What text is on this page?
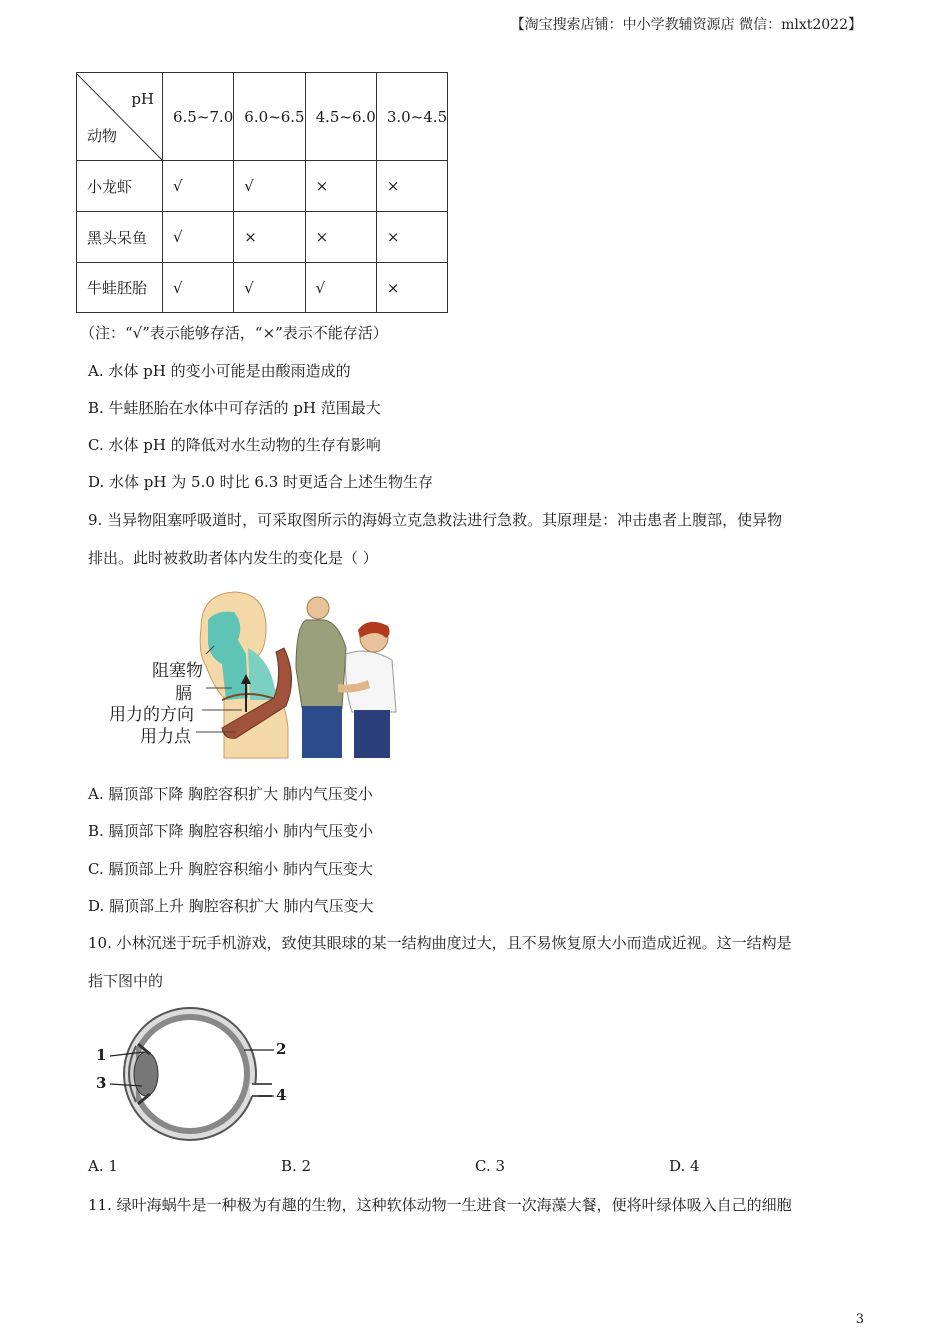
【淘宝搜索店铺：中小学教辅资源店 微信：mlxt2022】
pH
动物	6.5~7.0	6.0~6.5	4.5~6.0	3.0~4.5
小龙虾	√	√	×	×
黑头呆鱼	√	×	×	×
牛蛙胚胎	√	√	√	×
（注：“√”表示能够存活，“×”表示不能存活）
A. 水体 pH 的变小可能是由酸雨造成的
B. 牛蛙胚胎在水体中可存活的 pH 范围最大
C. 水体 pH 的降低对水生动物的生存有影响
D. 水体 pH 为 5.0 时比 6.3 时更适合上述生物生存
9. 当异物阻塞呼吸道时，可采取图所示的海姆立克急救法进行急救。其原理是：冲击患者上腹部，使异物
排出。此时被救助者体内发生的变化是（ ）
阻塞物
膈
用力的方向
用力点
A. 膈顶部下降 胸腔容积扩大 肺内气压变小
B. 膈顶部下降 胸腔容积缩小 肺内气压变小
C. 膈顶部上升 胸腔容积缩小 肺内气压变大
D. 膈顶部上升 胸腔容积扩大 肺内气压变大
10. 小林沉迷于玩手机游戏，致使其眼球的某一结构曲度过大，且不易恢复原大小而造成近视。这一结构是
指下图中的
1	2
3
4
A. 1	B. 2	C. 3	D. 4
11. 绿叶海蜗牛是一种极为有趣的生物，这种软体动物一生进食一次海藻大餐，便将叶绿体吸入自己的细胞
3
